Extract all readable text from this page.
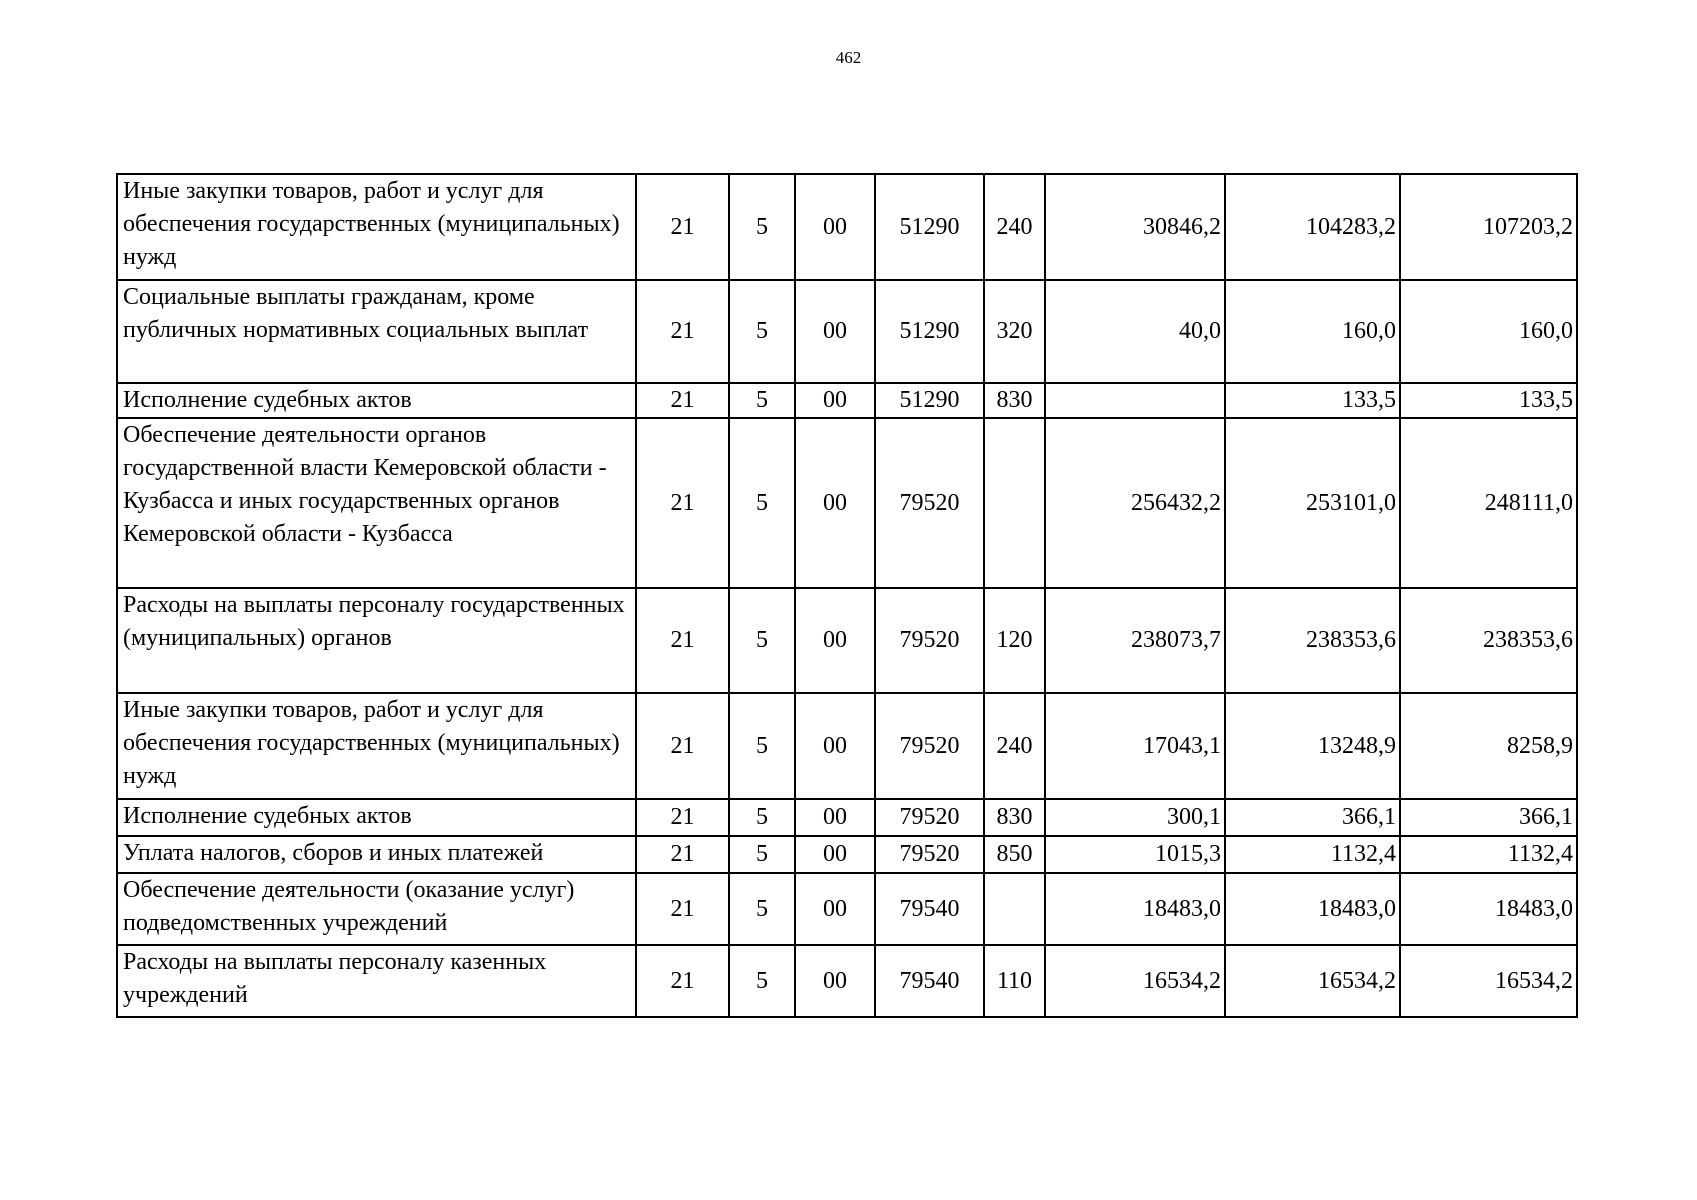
462
Иные закупки товаров, работ и услуг для обеспечения государственных (муниципальных) нужд	21	5	00	51290	240	30846,2	104283,2	107203,2
Социальные выплаты гражданам, кроме публичных нормативных социальных выплат	21	5	00	51290	320	40,0	160,0	160,0
Исполнение судебных актов	21	5	00	51290	830		133,5	133,5
Обеспечение деятельности органов государственной власти Кемеровской области - Кузбасса и иных государственных органов Кемеровской области - Кузбасса	21	5	00	79520		256432,2	253101,0	248111,0
Расходы на выплаты персоналу государственных (муниципальных) органов	21	5	00	79520	120	238073,7	238353,6	238353,6
Иные закупки товаров, работ и услуг для обеспечения государственных (муниципальных) нужд	21	5	00	79520	240	17043,1	13248,9	8258,9
Исполнение судебных актов	21	5	00	79520	830	300,1	366,1	366,1
Уплата налогов, сборов и иных платежей	21	5	00	79520	850	1015,3	1132,4	1132,4
Обеспечение деятельности (оказание услуг) подведомственных учреждений	21	5	00	79540		18483,0	18483,0	18483,0
Расходы на выплаты персоналу казенных учреждений	21	5	00	79540	110	16534,2	16534,2	16534,2
